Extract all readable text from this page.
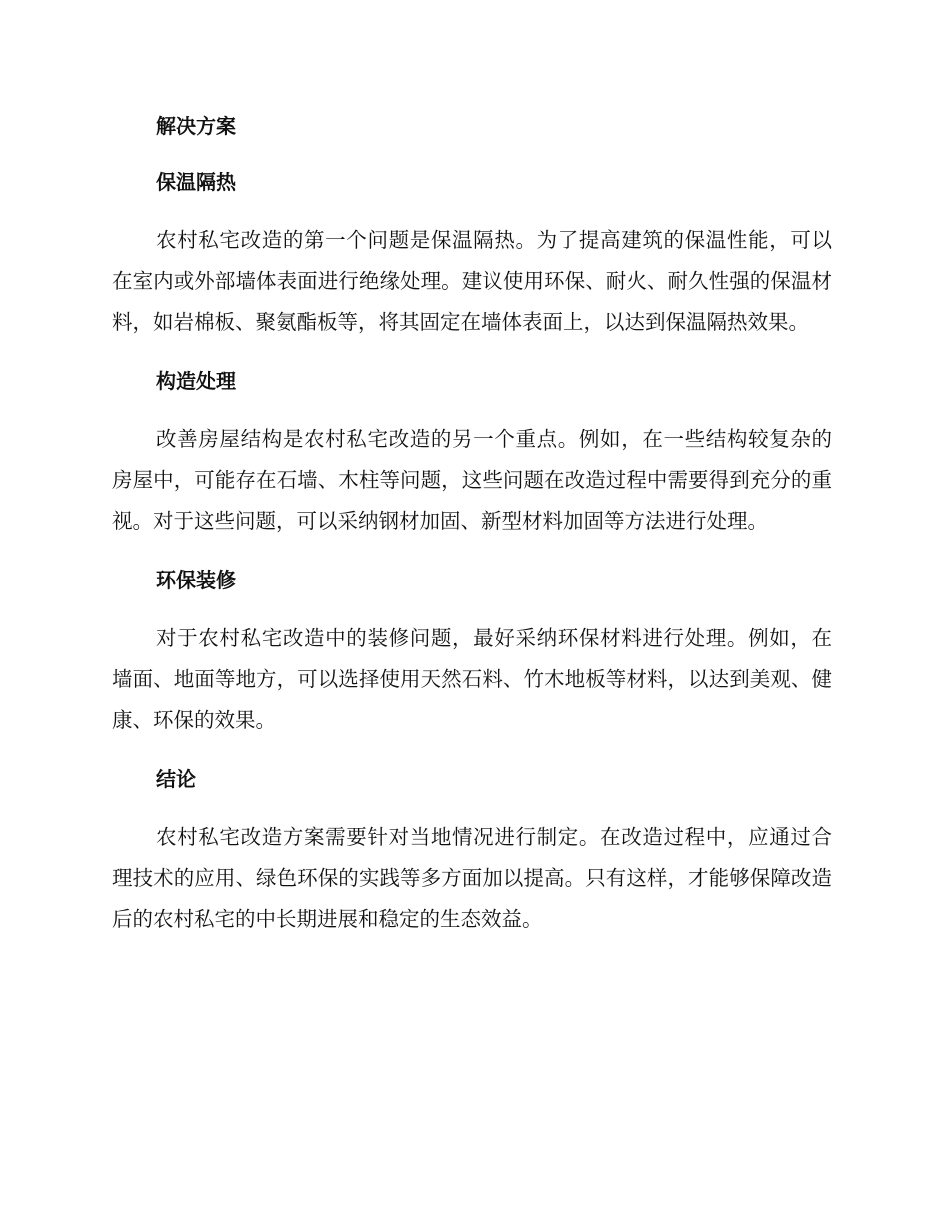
解决方案
保温隔热

农村私宅改造的第一个问题是保温隔热。为了提高建筑的保温性能，可以在室内或外部墙体表面进行绝缘处理。建议使用环保、耐火、耐久性强的保温材料，如岩棉板、聚氨酯板等，将其固定在墙体表面上，以达到保温隔热效果。

构造处理

改善房屋结构是农村私宅改造的另一个重点。例如，在一些结构较复杂的房屋中，可能存在石墙、木柱等问题，这些问题在改造过程中需要得到充分的重视。对于这些问题，可以采纳钢材加固、新型材料加固等方法进行处理。

环保装修

对于农村私宅改造中的装修问题，最好采纳环保材料进行处理。例如，在墙面、地面等地方，可以选择使用天然石料、竹木地板等材料，以达到美观、健康、环保的效果。

结论

农村私宅改造方案需要针对当地情况进行制定。在改造过程中，应通过合理技术的应用、绿色环保的实践等多方面加以提高。只有这样，才能够保障改造后的农村私宅的中长期进展和稳定的生态效益。
